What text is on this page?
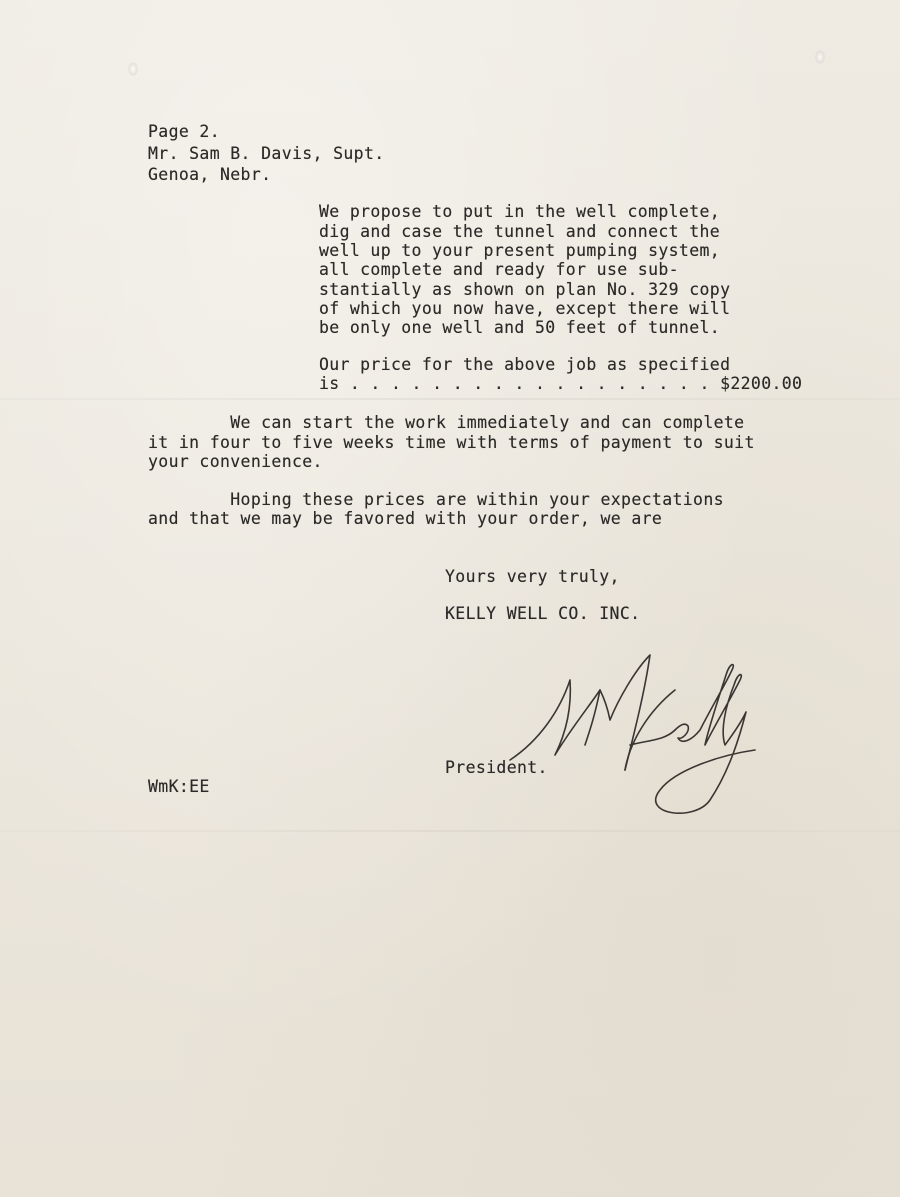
Page 2.
Mr. Sam B. Davis, Supt.
Genoa, Nebr.
We propose to put in the well complete,
dig and case the tunnel and connect the
well up to your present pumping system,
all complete and ready for use sub-
stantially as shown on plan No. 329 copy
of which you now have, except there will
be only one well and 50 feet of tunnel.
Our price for the above job as specified
is . . . . . . . . . . . . . . . . . . $2200.00
We can start the work immediately and can complete
it in four to five weeks time with terms of payment to suit
your convenience.
Hoping these prices are within your expectations
and that we may be favored with your order, we are
Yours very truly,
KELLY WELL CO. INC.
President.
WmK:EE
